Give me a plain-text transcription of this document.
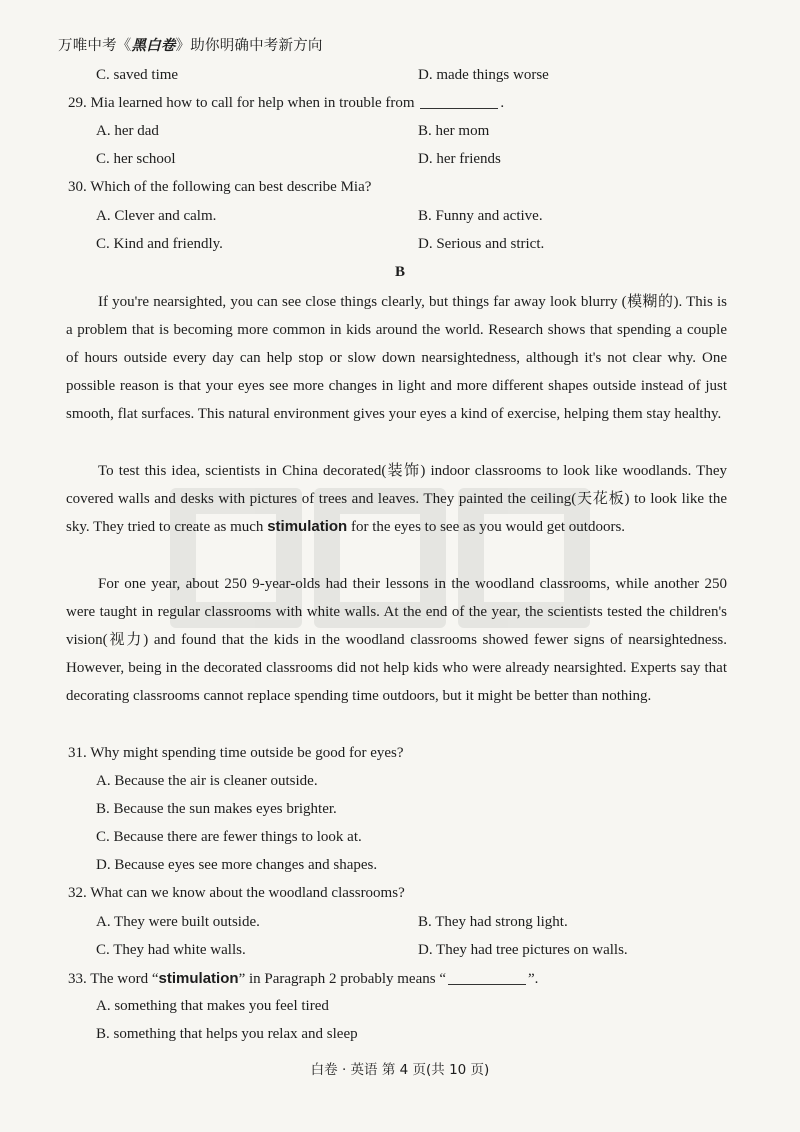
万唯中考《黑白卷》助你明确中考新方向
C. saved time	D. made things worse
29. Mia learned how to call for help when in trouble from	.
A. her dad	B. her mom
C. her school	D. her friends
30. Which of the following can best describe Mia?
A. Clever and calm.	B. Funny and active.
C. Kind and friendly.	D. Serious and strict.
B
If you're nearsighted, you can see close things clearly, but things far away look blurry (模糊的). This is a problem that is becoming more common in kids around the world. Research shows that spending a couple of hours outside every day can help stop or slow down nearsightedness, although it's not clear why. One possible reason is that your eyes see more changes in light and more different shapes outside instead of just smooth, flat surfaces. This natural environment gives your eyes a kind of exercise, helping them stay healthy.
To test this idea, scientists in China decorated(装饰) indoor classrooms to look like woodlands. They covered walls and desks with pictures of trees and leaves. They painted the ceiling(天花板) to look like the sky. They tried to create as much stimulation for the eyes to see as you would get outdoors.
For one year, about 250 9-year-olds had their lessons in the woodland classrooms, while another 250 were taught in regular classrooms with white walls. At the end of the year, the scientists tested the children's vision(视力) and found that the kids in the woodland classrooms showed fewer signs of nearsightedness. However, being in the decorated classrooms did not help kids who were already nearsighted. Experts say that decorating classrooms cannot replace spending time outdoors, but it might be better than nothing.
31. Why might spending time outside be good for eyes?
A. Because the air is cleaner outside.
B. Because the sun makes eyes brighter.
C. Because there are fewer things to look at.
D. Because eyes see more changes and shapes.
32. What can we know about the woodland classrooms?
A. They were built outside.	B. They had strong light.
C. They had white walls.	D. They had tree pictures on walls.
33. The word “stimulation” in Paragraph 2 probably means “	”.
A. something that makes you feel tired
B. something that helps you relax and sleep
白卷 · 英语 第 4 页(共 10 页)
